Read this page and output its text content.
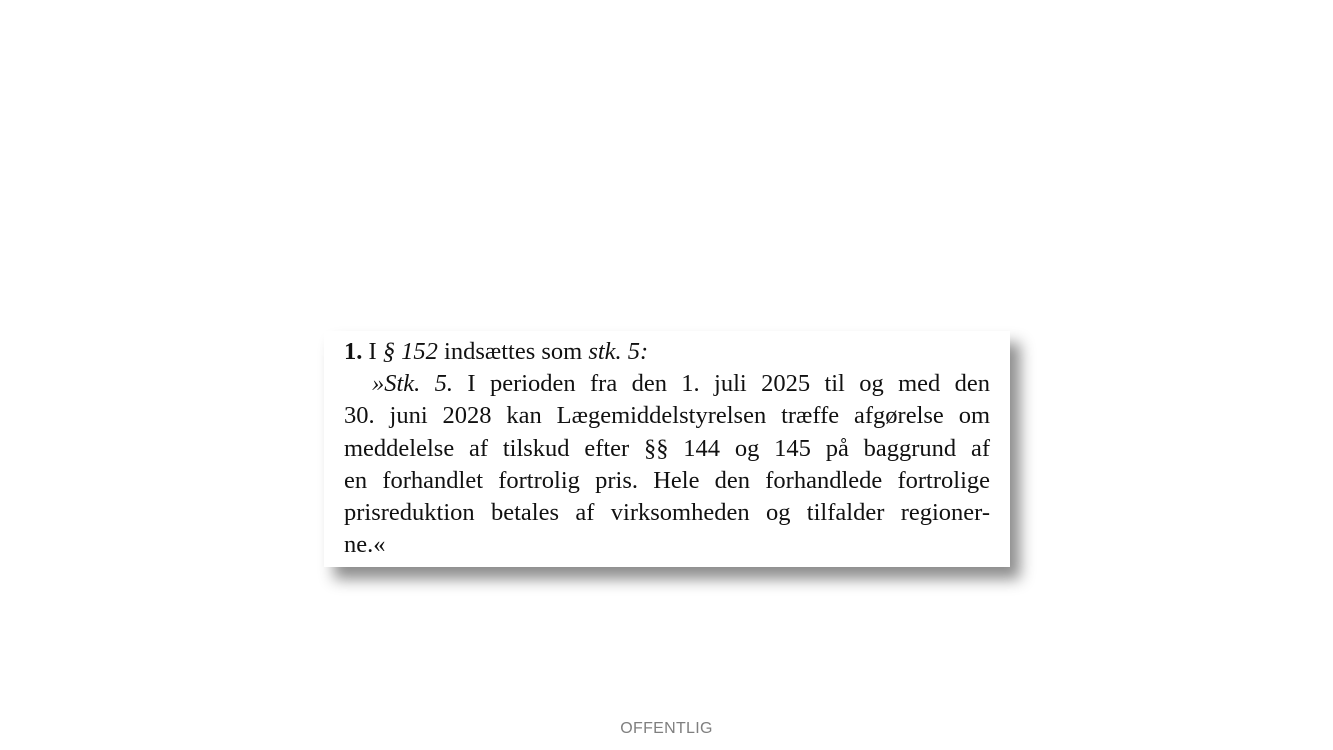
1. I § 152 indsættes som stk. 5:
»Stk. 5. I perioden fra den 1. juli 2025 til og med den
30. juni 2028 kan Lægemiddelstyrelsen træffe afgørelse om
meddelelse af tilskud efter §§ 144 og 145 på baggrund af
en forhandlet fortrolig pris. Hele den forhandlede fortrolige
prisreduktion betales af virksomheden og tilfalder regioner-
ne.«
OFFENTLIG
